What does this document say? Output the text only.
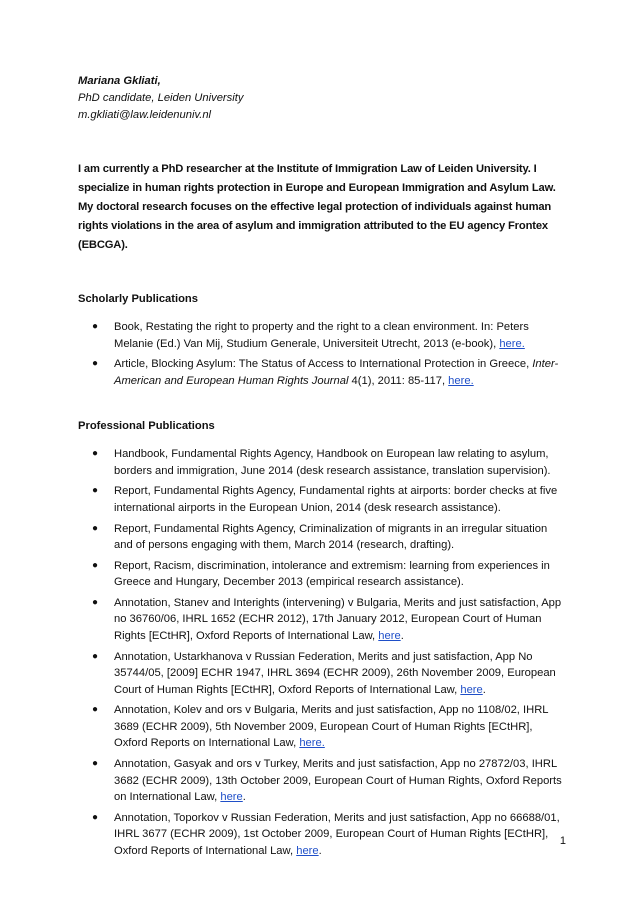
Mariana Gkliati,
PhD candidate, Leiden University
m.gkliati@law.leidenuniv.nl
I am currently a PhD researcher at the Institute of Immigration Law of Leiden University. I specialize in human rights protection in Europe and European Immigration and Asylum Law. My doctoral research focuses on the effective legal protection of individuals against human rights violations in the area of asylum and immigration attributed to the EU agency Frontex (EBCGA).
Scholarly Publications
● Book, Restating the right to property and the right to a clean environment. In: Peters Melanie (Ed.) Van Mij, Studium Generale, Universiteit Utrecht, 2013 (e-book), here.
● Article, Blocking Asylum: The Status of Access to International Protection in Greece, Inter-American and European Human Rights Journal 4(1), 2011: 85-117, here.
Professional Publications
● Handbook, Fundamental Rights Agency, Handbook on European law relating to asylum, borders and immigration, June 2014 (desk research assistance, translation supervision).
● Report, Fundamental Rights Agency, Fundamental rights at airports: border checks at five international airports in the European Union, 2014 (desk research assistance).
● Report, Fundamental Rights Agency, Criminalization of migrants in an irregular situation and of persons engaging with them, March 2014 (research, drafting).
● Report, Racism, discrimination, intolerance and extremism: learning from experiences in Greece and Hungary, December 2013 (empirical research assistance).
● Annotation, Stanev and Interights (intervening) v Bulgaria, Merits and just satisfaction, App no 36760/06, IHRL 1652 (ECHR 2012), 17th January 2012, European Court of Human Rights [ECtHR], Oxford Reports of International Law, here.
● Annotation, Ustarkhanova v Russian Federation, Merits and just satisfaction, App No 35744/05, [2009] ECHR 1947, IHRL 3694 (ECHR 2009), 26th November 2009, European Court of Human Rights [ECtHR], Oxford Reports of International Law, here.
● Annotation, Kolev and ors v Bulgaria, Merits and just satisfaction, App no 1108/02, IHRL 3689 (ECHR 2009), 5th November 2009, European Court of Human Rights [ECtHR], Oxford Reports on International Law, here.
● Annotation, Gasyak and ors v Turkey, Merits and just satisfaction, App no 27872/03, IHRL 3682 (ECHR 2009), 13th October 2009, European Court of Human Rights, Oxford Reports on International Law, here.
● Annotation, Toporkov v Russian Federation, Merits and just satisfaction, App no 66688/01, IHRL 3677 (ECHR 2009), 1st October 2009, European Court of Human Rights [ECtHR], Oxford Reports of International Law, here.
1
